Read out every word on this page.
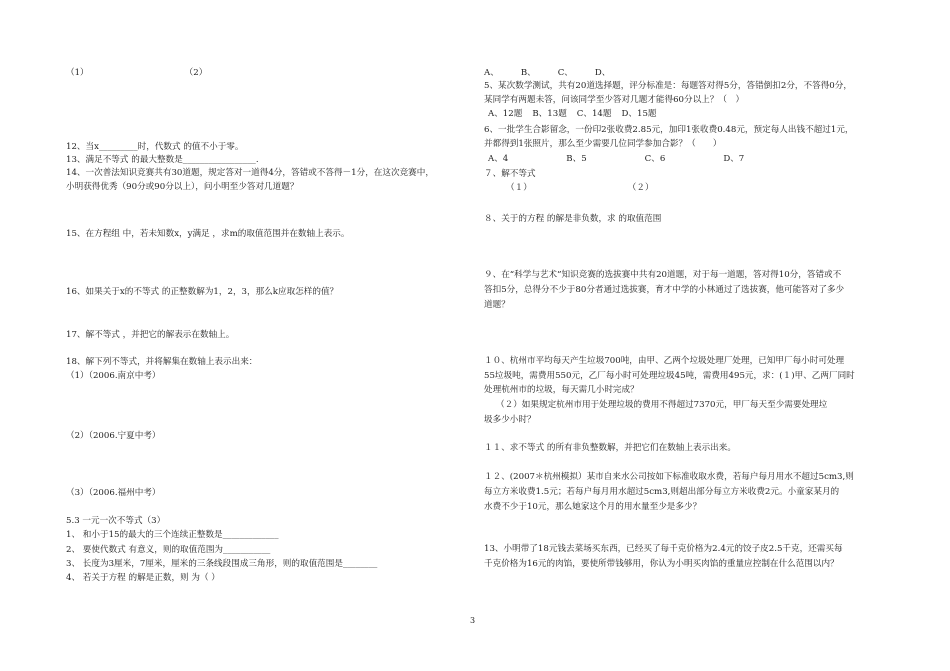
（1）	（2）
12、当x_________时，代数式 的值不小于零。
13、满足不等式 的最大整数是_________________.
14、一次普法知识竞赛共有30道题，规定答对一道得4分，答错或不答得－1分，在这次竞赛中，
小明获得优秀（90分或90分以上），问小明至少答对几道题？
15、在方程组 中，若未知数x，y满足 ，求m的取值范围并在数轴上表示。
16、如果关于x的不等式 的正整数解为1，2，3，那么k应取怎样的值？
17、解不等式 ，并把它的解表示在数轴上。
18、解下列不等式，并将解集在数轴上表示出来：
（1）（2006.南京中考）
（2）（2006.宁夏中考）
（3）（2006.福州中考）
5.3 一元一次不等式（3）
1、 和小于15的最大的三个连续正整数是_____________
2、 要使代数式 有意义，则的取值范围为___________
3、 长度为3厘米，7厘米，厘米的三条线段围成三角形，则的取值范围是________
4、 若关于方程 的解是正数，则 为（ ）
A、	B、	C、	D、
5、某次数学测试，共有20道选择题，评分标准是：每题答对得5分，答错倒扣2分，不答得0分，
某同学有两题未答，问该同学至少答对几题才能得60分以上？（　）
A、12题 B、13题 C、14题 D、15题
6、一批学生合影留念，一份印2张收费2.85元，加印1张收费0.48元，预定每人出钱不超过1元，
并都得到1张照片，那么至少需要几位同学参加合影？（　　）
A、4	B、5	C、6	D、7
７、解不等式
（１）	（２）
８、关于的方程 的解是非负数，求 的取值范围
９、在“科学与艺术”知识竞赛的选拔赛中共有20道题，对于每一道题，答对得10分，答错或不
答扣5分，总得分不少于80分者通过选拔赛，育才中学的小林通过了选拔赛，他可能答对了多少
道题？
１０、杭州市平均每天产生垃圾700吨，由甲、乙两个垃圾处理厂处理，已知甲厂每小时可处理
55垃圾吨，需费用550元，乙厂每小时可处理垃圾45吨，需费用495元，求：(１)甲、乙两厂同时
处理杭州市的垃圾，每天需几小时完成？
（２）如果规定杭州市用于处理垃圾的费用不得超过7370元，甲厂每天至少需要处理垃
圾多少小时？
１１、求不等式 的所有非负整数解，并把它们在数轴上表示出来。
１２、(2007＊杭州模拟）某市自来水公司按如下标准收取水费，若每户每月用水不超过5cm3,则
每立方米收费1.5元；若每户每月用水超过5cm3,则超出部分每立方米收费2元。小童家某月的
水费不少于10元，那么她家这个月的用水量至少是多少？
13、小明带了18元钱去菜场买东西，已经买了每千克价格为2.4元的饺子皮2.5千克，还需买每
千克价格为16元的肉馅，要使所带钱够用，你认为小明买肉馅的重量应控制在什么范围以内？
3
